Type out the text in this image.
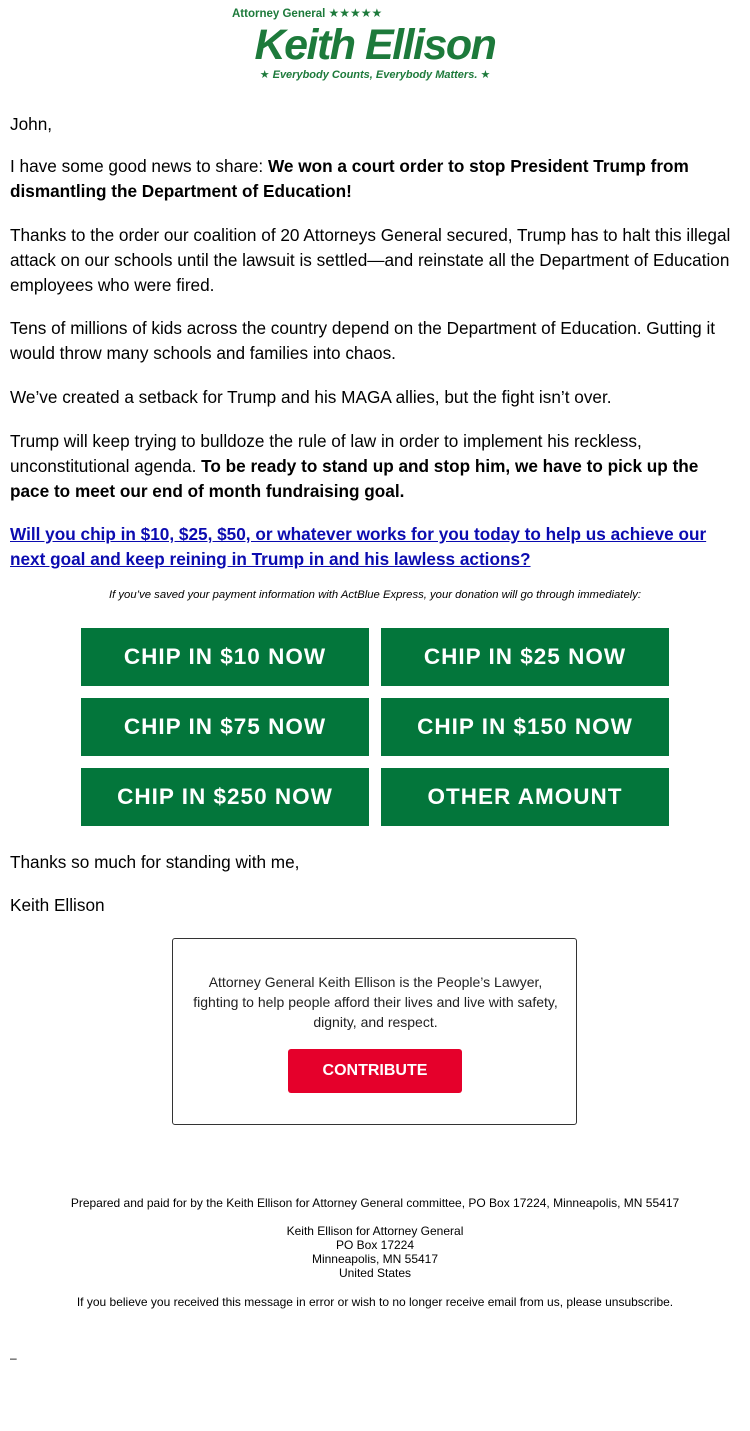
Attorney General ★★★★★
Keith Ellison
★ Everybody Counts, Everybody Matters. ★

John,

I have some good news to share: We won a court order to stop President Trump from dismantling the Department of Education!

Thanks to the order our coalition of 20 Attorneys General secured, Trump has to halt this illegal attack on our schools until the lawsuit is settled—and reinstate all the Department of Education employees who were fired.

Tens of millions of kids across the country depend on the Department of Education. Gutting it would throw many schools and families into chaos.

We’ve created a setback for Trump and his MAGA allies, but the fight isn’t over.

Trump will keep trying to bulldoze the rule of law in order to implement his reckless, unconstitutional agenda. To be ready to stand up and stop him, we have to pick up the pace to meet our end of month fundraising goal.

Will you chip in $10, $25, $50, or whatever works for you today to help us achieve our next goal and keep reining in Trump in and his lawless actions?

Thanks so much for standing with me,

Keith Ellison

If you’ve saved your payment information with ActBlue Express, your donation will go through immediately:
CHIP IN $10 NOW	CHIP IN $25 NOW
CHIP IN $75 NOW	CHIP IN $150 NOW
CHIP IN $250 NOW	OTHER AMOUNT
Attorney General Keith Ellison is the People’s Lawyer,
fighting to help people afford their lives and live with safety,
dignity, and respect.
CONTRIBUTE
Prepared and paid for by the Keith Ellison for Attorney General committee, PO Box 17224, Minneapolis, MN 55417
Keith Ellison for Attorney General
PO Box 17224
Minneapolis, MN 55417
United States
If you believe you received this message in error or wish to no longer receive email from us, please unsubscribe.
–
